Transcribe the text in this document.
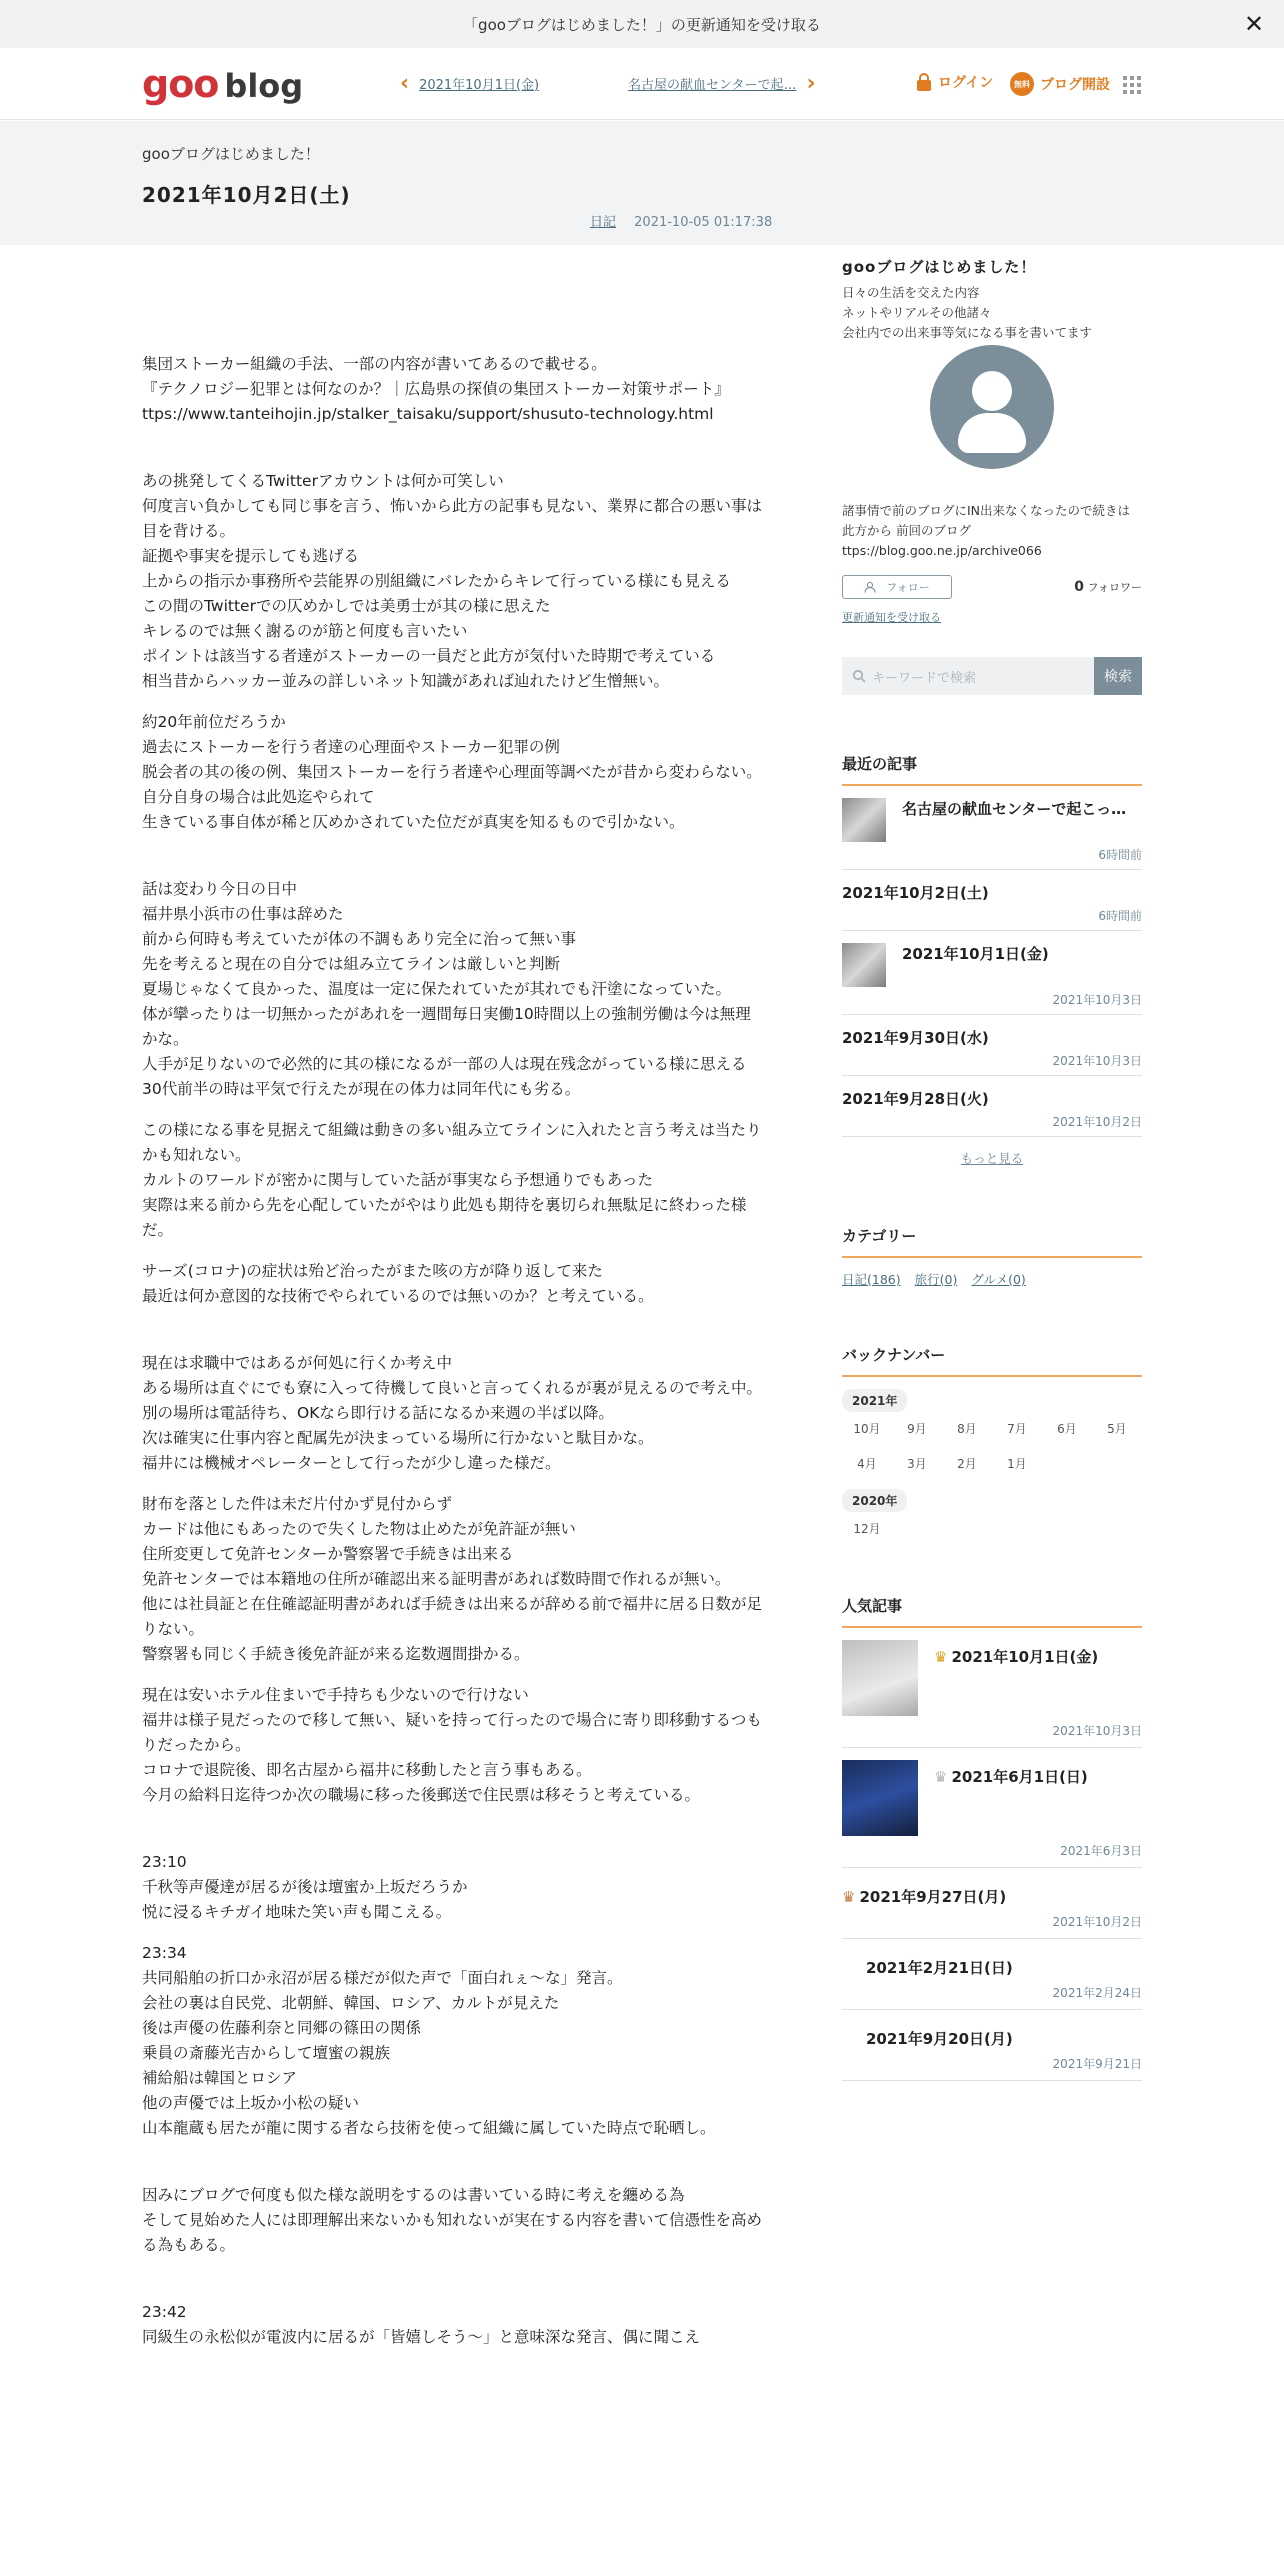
「gooブログはじめました！」の更新通知を受け取る	✕
goo blog	‹ 2021年10月1日(金)	名古屋の献血センターで起… ›	ログイン	無料 ブログ開設
gooブログはじめました！
2021年10月2日(土)
日記 2021-10-05 01:17:38

集団ストーカー組織の手法、一部の内容が書いてあるので載せる。
『テクノロジー犯罪とは何なのか？｜広島県の探偵の集団ストーカー対策サポート』
ttps://www.tanteihojin.jp/stalker_taisaku/support/shusuto-technology.html

あの挑発してくるTwitterアカウントは何か可笑しい
何度言い負かしても同じ事を言う、怖いから此方の記事も見ない、業界に都合の悪い事は目を背ける。
証拠や事実を提示しても逃げる
上からの指示か事務所や芸能界の別組織にバレたからキレて行っている様にも見える
この間のTwitterでの仄めかしでは美勇士が其の様に思えた
キレるのでは無く謝るのが筋と何度も言いたい
ポイントは該当する者達がストーカーの一員だと此方が気付いた時期で考えている
相当昔からハッカー並みの詳しいネット知識があれば辿れたけど生憎無い。

約20年前位だろうか
過去にストーカーを行う者達の心理面やストーカー犯罪の例
脱会者の其の後の例、集団ストーカーを行う者達や心理面等調べたが昔から変わらない。
自分自身の場合は此処迄やられて
生きている事自体が稀と仄めかされていた位だが真実を知るもので引かない。

話は変わり今日の日中
福井県小浜市の仕事は辞めた
前から何時も考えていたが体の不調もあり完全に治って無い事
先を考えると現在の自分では組み立てラインは厳しいと判断
夏場じゃなくて良かった、温度は一定に保たれていたが其れでも汗塗になっていた。
体が攣ったりは一切無かったがあれを一週間毎日実働10時間以上の強制労働は今は無理かな。
人手が足りないので必然的に其の様になるが一部の人は現在残念がっている様に思える
30代前半の時は平気で行えたが現在の体力は同年代にも劣る。

この様になる事を見据えて組織は動きの多い組み立てラインに入れたと言う考えは当たりかも知れない。
カルトのワールドが密かに関与していた話が事実なら予想通りでもあった
実際は来る前から先を心配していたがやはり此処も期待を裏切られ無駄足に終わった様だ。

サーズ(コロナ)の症状は殆ど治ったがまた咳の方が降り返して来た
最近は何か意図的な技術でやられているのでは無いのか？と考えている。

現在は求職中ではあるが何処に行くか考え中
ある場所は直ぐにでも寮に入って待機して良いと言ってくれるが裏が見えるので考え中。
別の場所は電話待ち、OKなら即行ける話になるか来週の半ば以降。
次は確実に仕事内容と配属先が決まっている場所に行かないと駄目かな。
福井には機械オペレーターとして行ったが少し違った様だ。

財布を落とした件は未だ片付かず見付からず
カードは他にもあったので失くした物は止めたが免許証が無い
住所変更して免許センターか警察署で手続きは出来る
免許センターでは本籍地の住所が確認出来る証明書があれば数時間で作れるが無い。
他には社員証と在住確認証明書があれば手続きは出来るが辞める前で福井に居る日数が足りない。
警察署も同じく手続き後免許証が来る迄数週間掛かる。

現在は安いホテル住まいで手持ちも少ないので行けない
福井は様子見だったので移して無い、疑いを持って行ったので場合に寄り即移動するつもりだったから。
コロナで退院後、即名古屋から福井に移動したと言う事もある。
今月の給料日迄待つか次の職場に移った後郵送で住民票は移そうと考えている。

23:10
千秋等声優達が居るが後は壇蜜か上坂だろうか
悦に浸るキチガイ地味た笑い声も聞こえる。

23:34
共同船舶の折口か永沼が居る様だが似た声で「面白れぇ～な」発言。
会社の裏は自民党、北朝鮮、韓国、ロシア、カルトが見えた
後は声優の佐藤利奈と同郷の篠田の関係
乗員の斎藤光吉からして壇蜜の親族
補給船は韓国とロシア
他の声優では上坂か小松の疑い
山本龍蔵も居たが龍に関する者なら技術を使って組織に属していた時点で恥晒し。

因みにブログで何度も似た様な説明をするのは書いている時に考えを纏める為
そして見始めた人には即理解出来ないかも知れないが実在する内容を書いて信憑性を高める為もある。

23:42
同級生の永松似が電波内に居るが「皆嬉しそう～」と意味深な発言、偶に聞こえ

gooブログはじめました！
日々の生活を交えた内容
ネットやリアルその他諸々
会社内での出来事等気になる事を書いてます
諸事情で前のブログにIN出来なくなったので続きは此方から 前回のブログ ttps://blog.goo.ne.jp/archive066
フォロー	0 フォロワー
更新通知を受け取る
キーワードで検索	検索
最近の記事
名古屋の献血センターで起こっ…
6時間前
2021年10月2日(土)
6時間前
2021年10月1日(金)
2021年10月3日
2021年9月30日(水)
2021年10月3日
2021年9月28日(火)
2021年10月2日
もっと見る
カテゴリー
日記(186) 旅行(0) グルメ(0)
バックナンバー
2021年
10月	9月	8月	7月	6月	5月
4月	3月	2月	1月
2020年
12月
人気記事
♛ 2021年10月1日(金)
2021年10月3日
♛ 2021年6月1日(日)
2021年6月3日
♛ 2021年9月27日(月)
2021年10月2日
2021年2月21日(日)
2021年2月24日
2021年9月20日(月)
2021年9月21日
